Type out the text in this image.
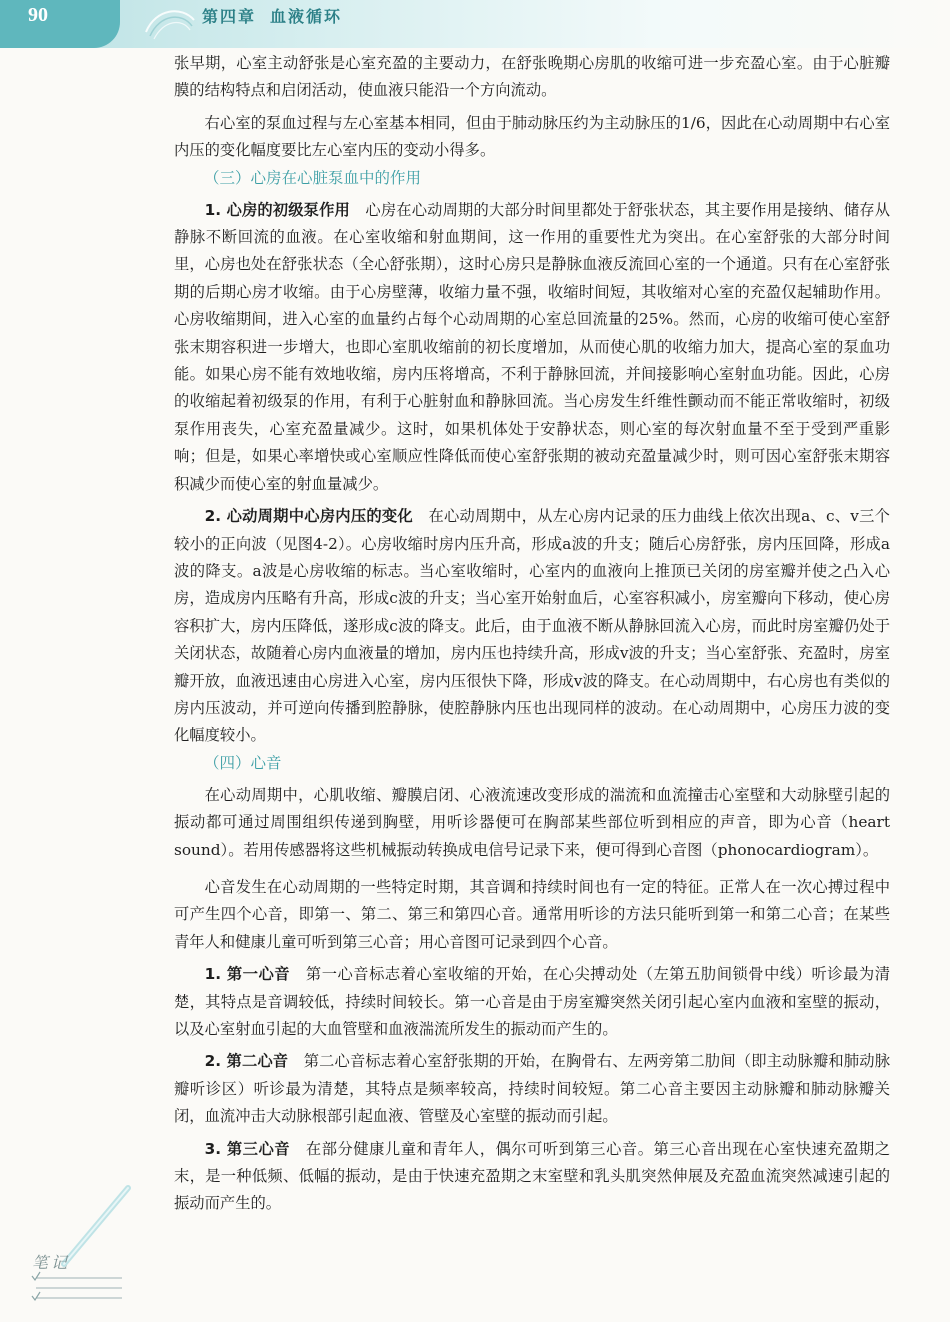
90	第四章 血液循环

张早期，心室主动舒张是心室充盈的主要动力，在舒张晚期心房肌的收缩可进一步充盈心室。由于心脏瓣膜的结构特点和启闭活动，使血液只能沿一个方向流动。

右心室的泵血过程与左心室基本相同，但由于肺动脉压约为主动脉压的1/6，因此在心动周期中右心室内压的变化幅度要比左心室内压的变动小得多。

（三）心房在心脏泵血中的作用

1. 心房的初级泵作用　 心房在心动周期的大部分时间里都处于舒张状态，其主要作用是接纳、储存从静脉不断回流的血液。在心室收缩和射血期间，这一作用的重要性尤为突出。在心室舒张的大部分时间里，心房也处在舒张状态（全心舒张期），这时心房只是静脉血液反流回心室的一个通道。只有在心室舒张期的后期心房才收缩。由于心房壁薄，收缩力量不强，收缩时间短，其收缩对心室的充盈仅起辅助作用。心房收缩期间，进入心室的血量约占每个心动周期的心室总回流量的25%。然而，心房的收缩可使心室舒张末期容积进一步增大，也即心室肌收缩前的初长度增加，从而使心肌的收缩力加大，提高心室的泵血功能。如果心房不能有效地收缩，房内压将增高，不利于静脉回流，并间接影响心室射血功能。因此，心房的收缩起着初级泵的作用，有利于心脏射血和静脉回流。当心房发生纤维性颤动而不能正常收缩时，初级泵作用丧失，心室充盈量减少。这时，如果机体处于安静状态，则心室的每次射血量不至于受到严重影响；但是，如果心率增快或心室顺应性降低而使心室舒张期的被动充盈量减少时，则可因心室舒张末期容积减少而使心室的射血量减少。

2. 心动周期中心房内压的变化　 在心动周期中，从左心房内记录的压力曲线上依次出现a、c、v三个较小的正向波（见图4-2）。心房收缩时房内压升高，形成a波的升支；随后心房舒张，房内压回降，形成a波的降支。a波是心房收缩的标志。当心室收缩时，心室内的血液向上推顶已关闭的房室瓣并使之凸入心房，造成房内压略有升高，形成c波的升支；当心室开始射血后，心室容积减小，房室瓣向下移动，使心房容积扩大，房内压降低，遂形成c波的降支。此后，由于血液不断从静脉回流入心房，而此时房室瓣仍处于关闭状态，故随着心房内血液量的增加，房内压也持续升高，形成v波的升支；当心室舒张、充盈时，房室瓣开放，血液迅速由心房进入心室，房内压很快下降，形成v波的降支。在心动周期中，右心房也有类似的房内压波动，并可逆向传播到腔静脉，使腔静脉内压也出现同样的波动。在心动周期中，心房压力波的变化幅度较小。

（四）心音

在心动周期中，心肌收缩、瓣膜启闭、心液流速改变形成的湍流和血流撞击心室壁和大动脉壁引起的振动都可通过周围组织传递到胸壁，用听诊器便可在胸部某些部位听到相应的声音，即为心音（heart sound）。若用传感器将这些机械振动转换成电信号记录下来，便可得到心音图（phonocardiogram）。

心音发生在心动周期的一些特定时期，其音调和持续时间也有一定的特征。正常人在一次心搏过程中可产生四个心音，即第一、第二、第三和第四心音。通常用听诊的方法只能听到第一和第二心音；在某些青年人和健康儿童可听到第三心音；用心音图可记录到四个心音。

1. 第一心音　 第一心音标志着心室收缩的开始，在心尖搏动处（左第五肋间锁骨中线）听诊最为清楚，其特点是音调较低，持续时间较长。第一心音是由于房室瓣突然关闭引起心室内血液和室壁的振动，以及心室射血引起的大血管壁和血液湍流所发生的振动而产生的。

2. 第二心音　 第二心音标志着心室舒张期的开始，在胸骨右、左两旁第二肋间（即主动脉瓣和肺动脉瓣听诊区）听诊最为清楚，其特点是频率较高，持续时间较短。第二心音主要因主动脉瓣和肺动脉瓣关闭，血流冲击大动脉根部引起血液、管壁及心室壁的振动而引起。

3. 第三心音　 在部分健康儿童和青年人，偶尔可听到第三心音。第三心音出现在心室快速充盈期之末，是一种低频、低幅的振动，是由于快速充盈期之末室壁和乳头肌突然伸展及充盈血流突然减速引起的振动而产生的。

笔记
